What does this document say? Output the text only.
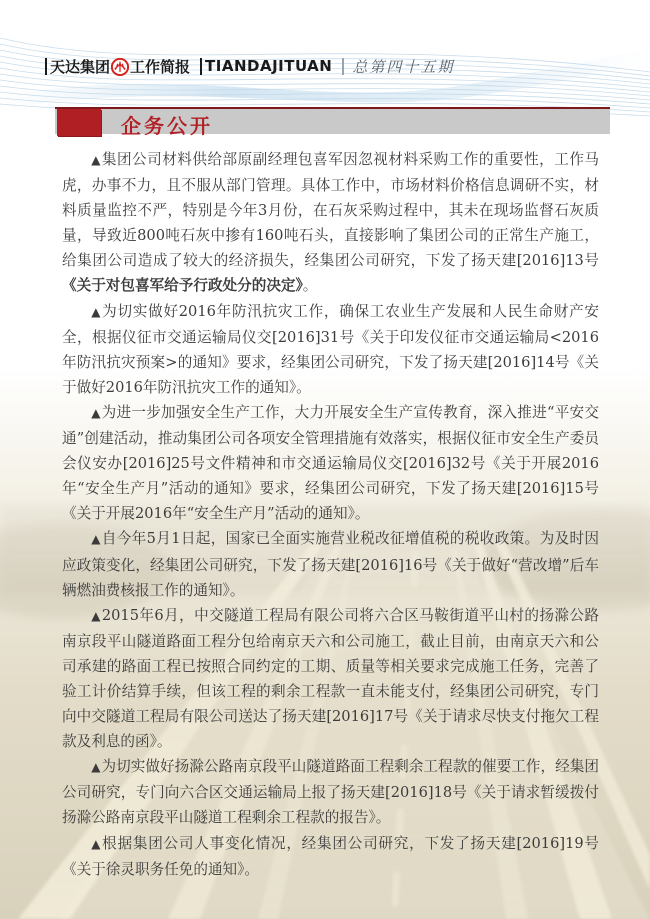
天达集团 工作简报 TIANDAJITUAN 总第四十五期
企务公开

▲集团公司材料供给部原副经理包喜军因忽视材料采购工作的重要性，工作马虎，办事不力，且不服从部门管理。具体工作中，市场材料价格信息调研不实，材料质量监控不严，特别是今年3月份，在石灰采购过程中，其未在现场监督石灰质量，导致近800吨石灰中掺有160吨石头，直接影响了集团公司的正常生产施工，给集团公司造成了较大的经济损失，经集团公司研究，下发了扬天建[2016]13号《关于对包喜军给予行政处分的决定》。

▲为切实做好2016年防汛抗灾工作，确保工农业生产发展和人民生命财产安全，根据仪征市交通运输局仪交[2016]31号《关于印发仪征市交通运输局<2016年防汛抗灾预案>的通知》要求，经集团公司研究，下发了扬天建[2016]14号《关于做好2016年防汛抗灾工作的通知》。

▲为进一步加强安全生产工作，大力开展安全生产宣传教育，深入推进“平安交通”创建活动，推动集团公司各项安全管理措施有效落实，根据仪征市安全生产委员会仪安办[2016]25号文件精神和市交通运输局仪交[2016]32号《关于开展2016年“安全生产月”活动的通知》要求，经集团公司研究，下发了扬天建[2016]15号《关于开展2016年“安全生产月”活动的通知》。

▲自今年5月1日起，国家已全面实施营业税改征增值税的税收政策。为及时因应政策变化，经集团公司研究，下发了扬天建[2016]16号《关于做好“营改增”后车辆燃油费核报工作的通知》。

▲2015年6月，中交隧道工程局有限公司将六合区马鞍街道平山村的扬滁公路南京段平山隧道路面工程分包给南京天六和公司施工，截止目前，由南京天六和公司承建的路面工程已按照合同约定的工期、质量等相关要求完成施工任务，完善了验工计价结算手续，但该工程的剩余工程款一直未能支付，经集团公司研究，专门向中交隧道工程局有限公司送达了扬天建[2016]17号《关于请求尽快支付拖欠工程款及利息的函》。

▲为切实做好扬滁公路南京段平山隧道路面工程剩余工程款的催要工作，经集团公司研究，专门向六合区交通运输局上报了扬天建[2016]18号《关于请求暂缓拨付扬滁公路南京段平山隧道工程剩余工程款的报告》。

▲根据集团公司人事变化情况，经集团公司研究，下发了扬天建[2016]19号《关于徐灵职务任免的通知》。
